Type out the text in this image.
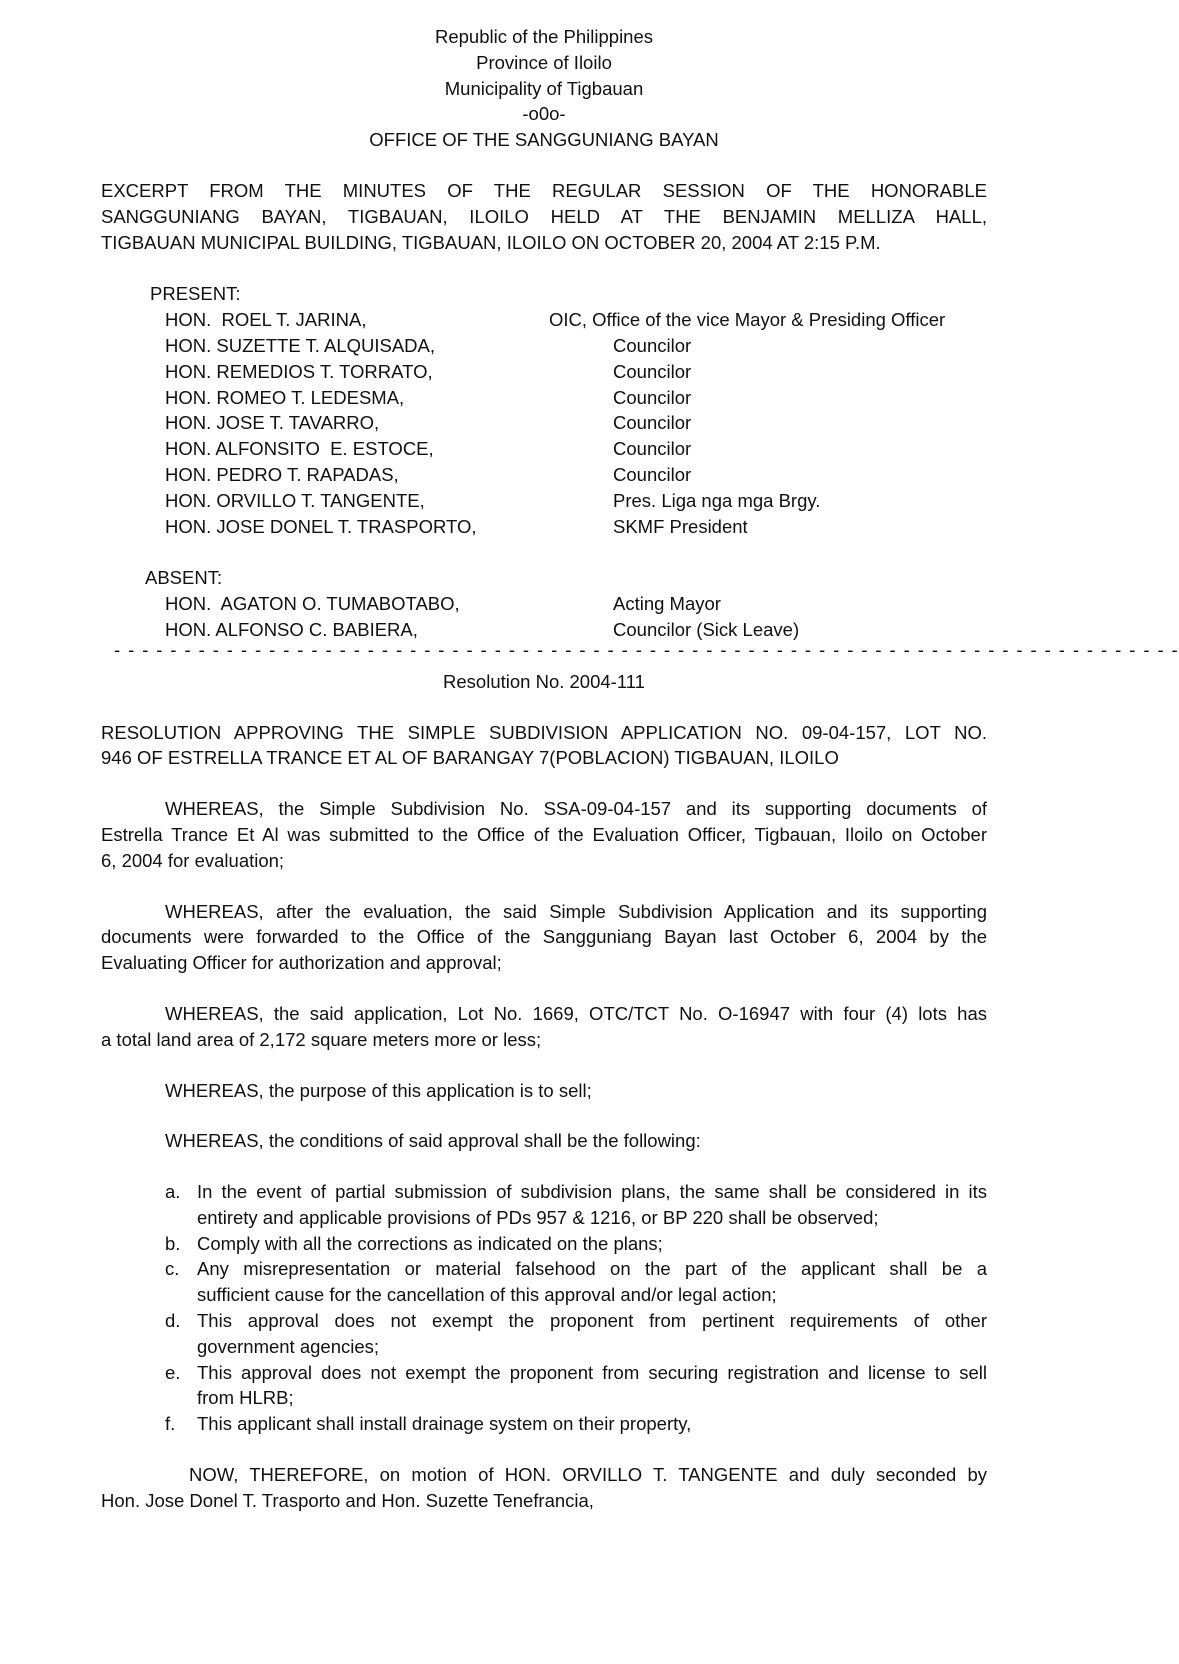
Republic of the Philippines
Province of Iloilo
Municipality of Tigbauan
-o0o-
OFFICE OF THE SANGGUNIANG BAYAN
EXCERPT FROM THE MINUTES OF THE REGULAR SESSION OF THE HONORABLE
SANGGUNIANG BAYAN, TIGBAUAN, ILOILO HELD AT THE BENJAMIN MELLIZA HALL,
TIGBAUAN MUNICIPAL BUILDING, TIGBAUAN, ILOILO ON OCTOBER 20, 2004 AT 2:15 P.M.
PRESENT:
HON.  ROEL T. JARINA,	OIC, Office of the vice Mayor & Presiding Officer
HON. SUZETTE T. ALQUISADA,	Councilor
HON. REMEDIOS T. TORRATO,	Councilor
HON. ROMEO T. LEDESMA,	Councilor
HON. JOSE T. TAVARRO,	Councilor
HON. ALFONSITO  E. ESTOCE,	Councilor
HON. PEDRO T. RAPADAS,	Councilor
HON. ORVILLO T. TANGENTE,	Pres. Liga nga mga Brgy.
HON. JOSE DONEL T. TRASPORTO,	SKMF President
ABSENT:
HON.  AGATON O. TUMABOTABO,	Acting Mayor
HON. ALFONSO C. BABIERA,	Councilor (Sick Leave)
- - - - - - - - - - - - - - - - - - - - - - - - - - - - - - - - - - - - - - - - - - - - - - - - - - - - - - - - - - - - - - - - - - - - - - - - - - - -
Resolution No. 2004-111
RESOLUTION APPROVING THE SIMPLE SUBDIVISION APPLICATION NO. 09-04-157, LOT NO.
946 OF ESTRELLA TRANCE ET AL OF BARANGAY 7(POBLACION) TIGBAUAN, ILOILO
WHEREAS, the Simple Subdivision No. SSA-09-04-157 and its supporting documents of
Estrella Trance Et Al was submitted to the Office of the Evaluation Officer, Tigbauan, Iloilo on October
6, 2004 for evaluation;
WHEREAS, after the evaluation, the said Simple Subdivision Application and its supporting
documents were forwarded to the Office of the Sangguniang Bayan last October 6, 2004 by the
Evaluating Officer for authorization and approval;
WHEREAS, the said application, Lot No. 1669, OTC/TCT No. O-16947 with four (4) lots has
a total land area of 2,172 square meters more or less;
WHEREAS, the purpose of this application is to sell;
WHEREAS, the conditions of said approval shall be the following:
a. In the event of partial submission of subdivision plans, the same shall be considered in its
entirety and applicable provisions of PDs 957 & 1216, or BP 220 shall be observed;
b. Comply with all the corrections as indicated on the plans;
c. Any misrepresentation or material falsehood on the part of the applicant shall be a
sufficient cause for the cancellation of this approval and/or legal action;
d. This approval does not exempt the proponent from pertinent requirements of other
government agencies;
e. This approval does not exempt the proponent from securing registration and license to sell
from HLRB;
f.	This applicant shall install drainage system on their property,
NOW, THEREFORE, on motion of HON. ORVILLO T. TANGENTE and duly seconded by
Hon. Jose Donel T. Trasporto and Hon. Suzette Tenefrancia,
